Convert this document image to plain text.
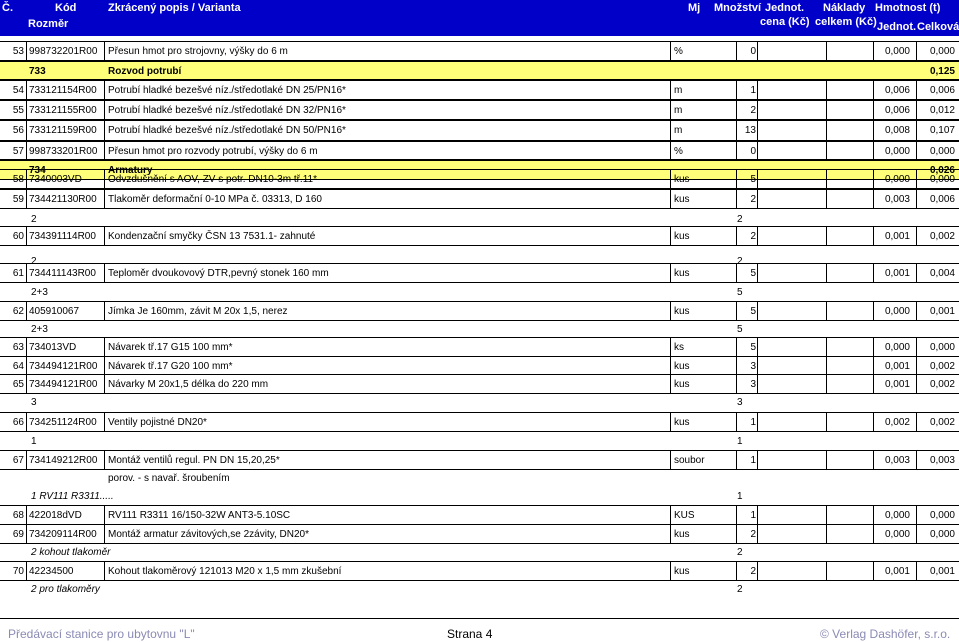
Č.	Kód	Zkrácený popis / Varianta
Rozměr
Mj Množství Jednot.
cena (Kč)
Náklady
celkem (Kč)
Hmotnost (t)
Jednot. Celková
53 998732201R00 Přesun hmot pro strojovny, výšky do 6 m	%	0	0,000	0,000
733	Rozvod potrubí	0,125
54 733121154R00 Potrubí hladké bezešvé níz./středotlaké DN 25/PN16*	m	1	0,006	0,006
55 733121155R00 Potrubí hladké bezešvé níz./středotlaké DN 32/PN16*	m	2	0,006	0,012
56 733121159R00 Potrubí hladké bezešvé níz./středotlaké DN 50/PN16*	m	13	0,008	0,107
57 998733201R00 Přesun hmot pro rozvody potrubí, výšky do 6 m	%	0	0,000	0,000
734	Armatury	0,026
58 7340003VD	Odvzdušnění s AOV, ZV s potr. DN10-3m tř.11*	kus	5	0,000	0,000
59 734421130R00 Tlakoměr deformační 0-10 MPa č. 03313, D 160	kus	2	0,003	0,006
2	2
60 734391114R00 Kondenzační smyčky ČSN 13 7531.1- zahnuté	kus	2	0,001	0,002
2	2
61 734411143R00 Teploměr dvoukovový DTR,pevný stonek 160 mm	kus	5	0,001	0,004
2+3	5
62 405910067	Jímka Je 160mm, závit M 20x 1,5, nerez	kus	5	0,000	0,001
2+3	5
63 734013VD	Návarek tř.17 G15 100 mm*	ks	5	0,000	0,000
64 734494121R00 Návarek tř.17 G20 100 mm*	kus	3	0,001	0,002
65 734494121R00 Návarky M 20x1,5 délka do 220 mm	kus	3	0,001	0,002
3	3
66 734251124R00 Ventily pojistné DN20*	kus	1	0,002	0,002
1	1
67 734149212R00 Montáž ventilů regul. PN DN 15,20,25*	soubor	1	0,003	0,003
porov. - s navař. šroubením
1 RV111 R3311.....	1
68 422018dVD	RV111 R3311 16/150-32W ANT3-5.10SC	KUS	1	0,000	0,000
69 734209114R00 Montáž armatur závitových,se 2závity, DN20*	kus	2	0,000	0,000
2 kohout tlakoměr	2
70 42234500	Kohout tlakoměrový 121013 M20 x 1,5 mm zkušební	kus	2	0,001	0,001
2 pro tlakoměry	2
Předávací stanice pro ubytovnu "L"	Strana 4	© Verlag Dashöfer, s.r.o.
